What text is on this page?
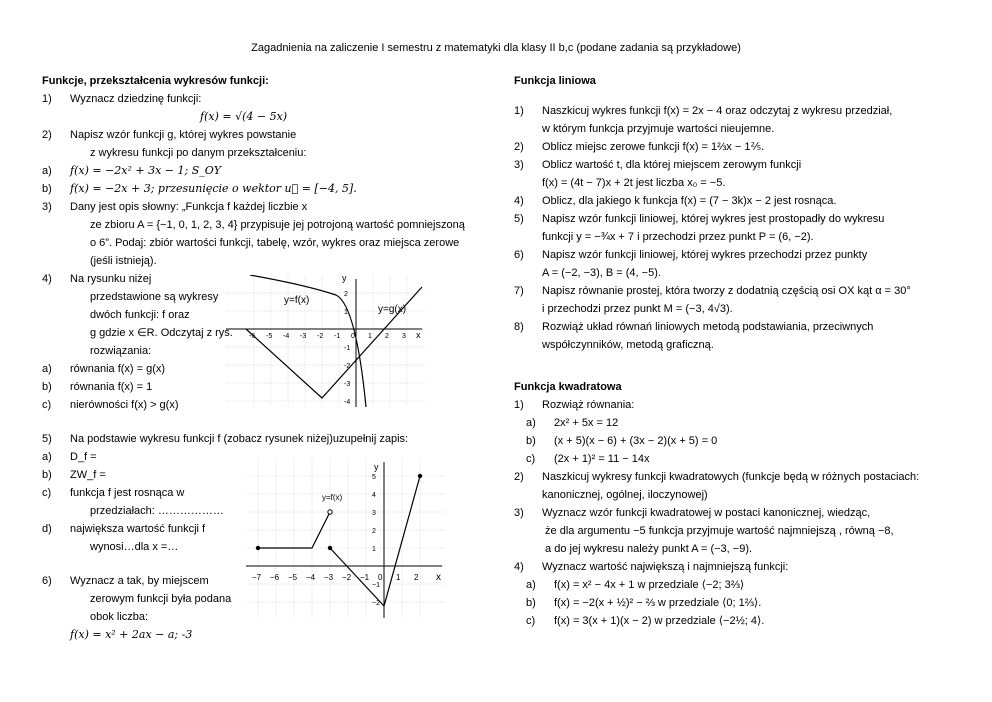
Zagadnienia na zaliczenie I semestru z matematyki dla klasy II b,c (podane zadania są przykładowe)
Funkcje, przekształcenia wykresów funkcji:
1) Wyznacz dziedzinę funkcji:
f(x) = √(4 − 5x)
2) Napisz wzór funkcji g, której wykres powstanie
z wykresu funkcji po danym przekształceniu:
a) f(x) = −2x² + 3x − 1; S_OY
b) f(x) = −2x + 3; przesunięcie o wektor u⃗ = [−4, 5].
3) Dany jest opis słowny: „Funkcja f każdej liczbie x
ze zbioru A = {−1, 0, 1, 2, 3, 4} przypisuje jej potrojoną wartość pomniejszoną
o 6”. Podaj: zbiór wartości funkcji, tabelę, wzór, wykres oraz miejsca zerowe
(jeśli istnieją).
4) Na rysunku niżej
przedstawione są wykresy
dwóch funkcji: f oraz
g gdzie x ∈R. Odczytaj z rys.
rozwiązania:
a) równania f(x) = g(x)
b) równania f(x) = 1
c) nierówności f(x) > g(x)
5) Na podstawie wykresu funkcji f (zobacz rysunek niżej)uzupełnij zapis:
a) D_f =
b) ZW_f =
c) funkcja f jest rosnąca w
przedziałach: ………………
d) największa wartość funkcji f
wynosi…dla x =…
6) Wyznacz a tak, by miejscem
zerowym funkcji była podana
obok liczba:
f(x) = x² + 2ax − a; -3
y
x
-6 -5 -4 -3 -2 -1 0 1 2 3
2
1
-1
-2
-3
-4
y=f(x)
y=g(x)
y
x
−7 −6 −5 −4 −3 −2 −1 0 1 2
5
4
3
2
1
−1
−2
y=f(x)
Funkcja liniowa
1) Naszkicuj wykres funkcji f(x) = 2x − 4 oraz odczytaj z wykresu przedział,
w którym funkcja przyjmuje wartości nieujemne.
2) Oblicz miejsc zerowe funkcji f(x) = 1⅔x − 1⅖.
3) Oblicz wartość t, dla której miejscem zerowym funkcji
f(x) = (4t − 7)x + 2t jest liczba x₀ = −5.
4) Oblicz, dla jakiego k funkcja f(x) = (7 − 3k)x − 2 jest rosnąca.
5) Napisz wzór funkcji liniowej, której wykres jest prostopadły do wykresu
funkcji y = −¾x + 7 i przechodzi przez punkt P = (6, −2).
6) Napisz wzór funkcji liniowej, której wykres przechodzi przez punkty
A = (−2, −3), B = (4, −5).
7) Napisz równanie prostej, która tworzy z dodatnią częścią osi OX kąt α = 30°
i przechodzi przez punkt M = (−3, 4√3).
8) Rozwiąż układ równań liniowych metodą podstawiania, przeciwnych
współczynników, metodą graficzną.
Funkcja kwadratowa
1) Rozwiąż równania:
a) 2x² + 5x = 12
b) (x + 5)(x − 6) + (3x − 2)(x + 5) = 0
c) (2x + 1)² = 11 − 14x
2) Naszkicuj wykresy funkcji kwadratowych (funkcje będą w różnych postaciach:
kanonicznej, ogólnej, iloczynowej)
3) Wyznacz wzór funkcji kwadratowej w postaci kanonicznej, wiedząc,
że dla argumentu −5 funkcja przyjmuje wartość najmniejszą , równą −8,
a do jej wykresu należy punkt A = (−3, −9).
4) Wyznacz wartość największą i najmniejszą funkcji:
a) f(x) = x² − 4x + 1 w przedziale ⟨−2; 3⅔⟩
b) f(x) = −2(x + ½)² − ⅔ w przedziale ⟨0; 1⅔⟩.
c) f(x) = 3(x + 1)(x − 2) w przedziale ⟨−2½; 4⟩.
